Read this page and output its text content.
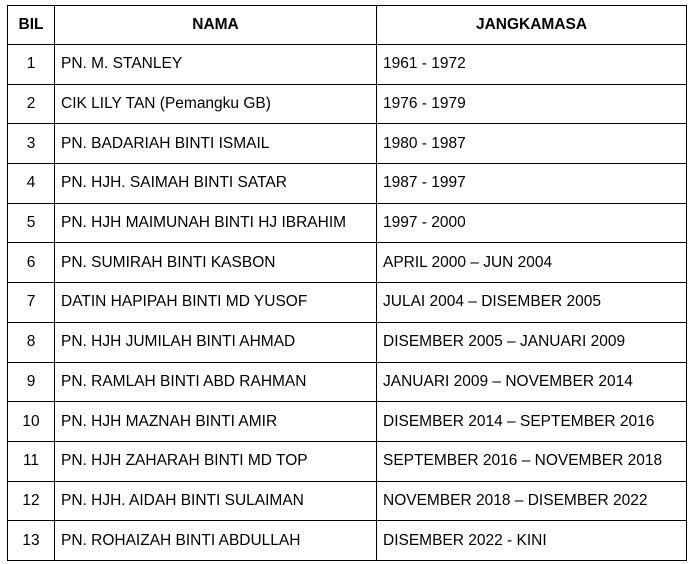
BIL	NAMA	JANGKAMASA
1	PN. M. STANLEY	1961 - 1972
2	CIK LILY TAN (Pemangku GB)	1976 - 1979
3	PN. BADARIAH BINTI ISMAIL	1980 - 1987
4	PN. HJH. SAIMAH BINTI SATAR	1987 - 1997
5	PN. HJH MAIMUNAH BINTI HJ IBRAHIM	1997 - 2000
6	PN. SUMIRAH BINTI KASBON	APRIL 2000 – JUN 2004
7	DATIN HAPIPAH BINTI MD YUSOF	JULAI 2004 – DISEMBER 2005
8	PN. HJH JUMILAH BINTI AHMAD	DISEMBER 2005 – JANUARI 2009
9	PN. RAMLAH BINTI ABD RAHMAN	JANUARI 2009 – NOVEMBER 2014
10	PN. HJH MAZNAH BINTI AMIR	DISEMBER 2014 – SEPTEMBER 2016
11	PN. HJH ZAHARAH BINTI MD TOP	SEPTEMBER 2016 – NOVEMBER 2018
12	PN. HJH. AIDAH BINTI SULAIMAN	NOVEMBER 2018 – DISEMBER 2022
13	PN. ROHAIZAH BINTI ABDULLAH	DISEMBER 2022 - KINI
